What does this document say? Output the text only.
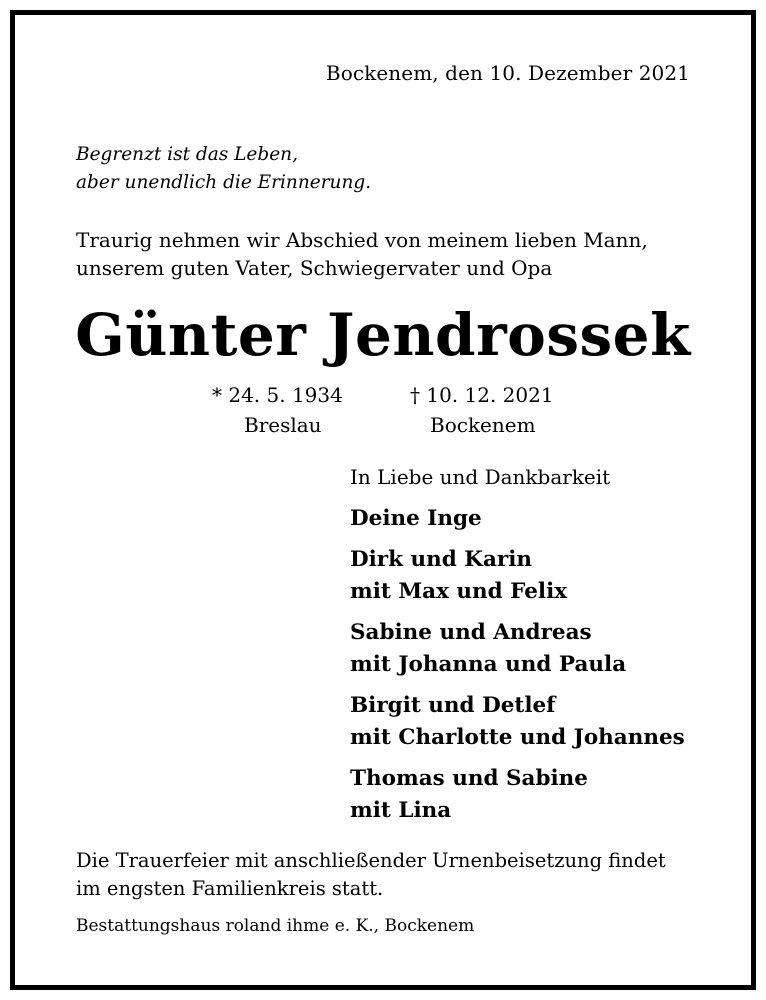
Bockenem, den 10. Dezember 2021
Begrenzt ist das Leben,
aber unendlich die Erinnerung.
Traurig nehmen wir Abschied von meinem lieben Mann,
unserem guten Vater, Schwiegervater und Opa
Günter Jendrossek
* 24. 5. 1934	† 10. 12. 2021
Breslau	Bockenem
In Liebe und Dankbarkeit
Deine Inge
Dirk und Karin
mit Max und Felix
Sabine und Andreas
mit Johanna und Paula
Birgit und Detlef
mit Charlotte und Johannes
Thomas und Sabine
mit Lina
Die Trauerfeier mit anschließender Urnenbeisetzung findet
im engsten Familienkreis statt.
Bestattungshaus roland ihme e. K., Bockenem
